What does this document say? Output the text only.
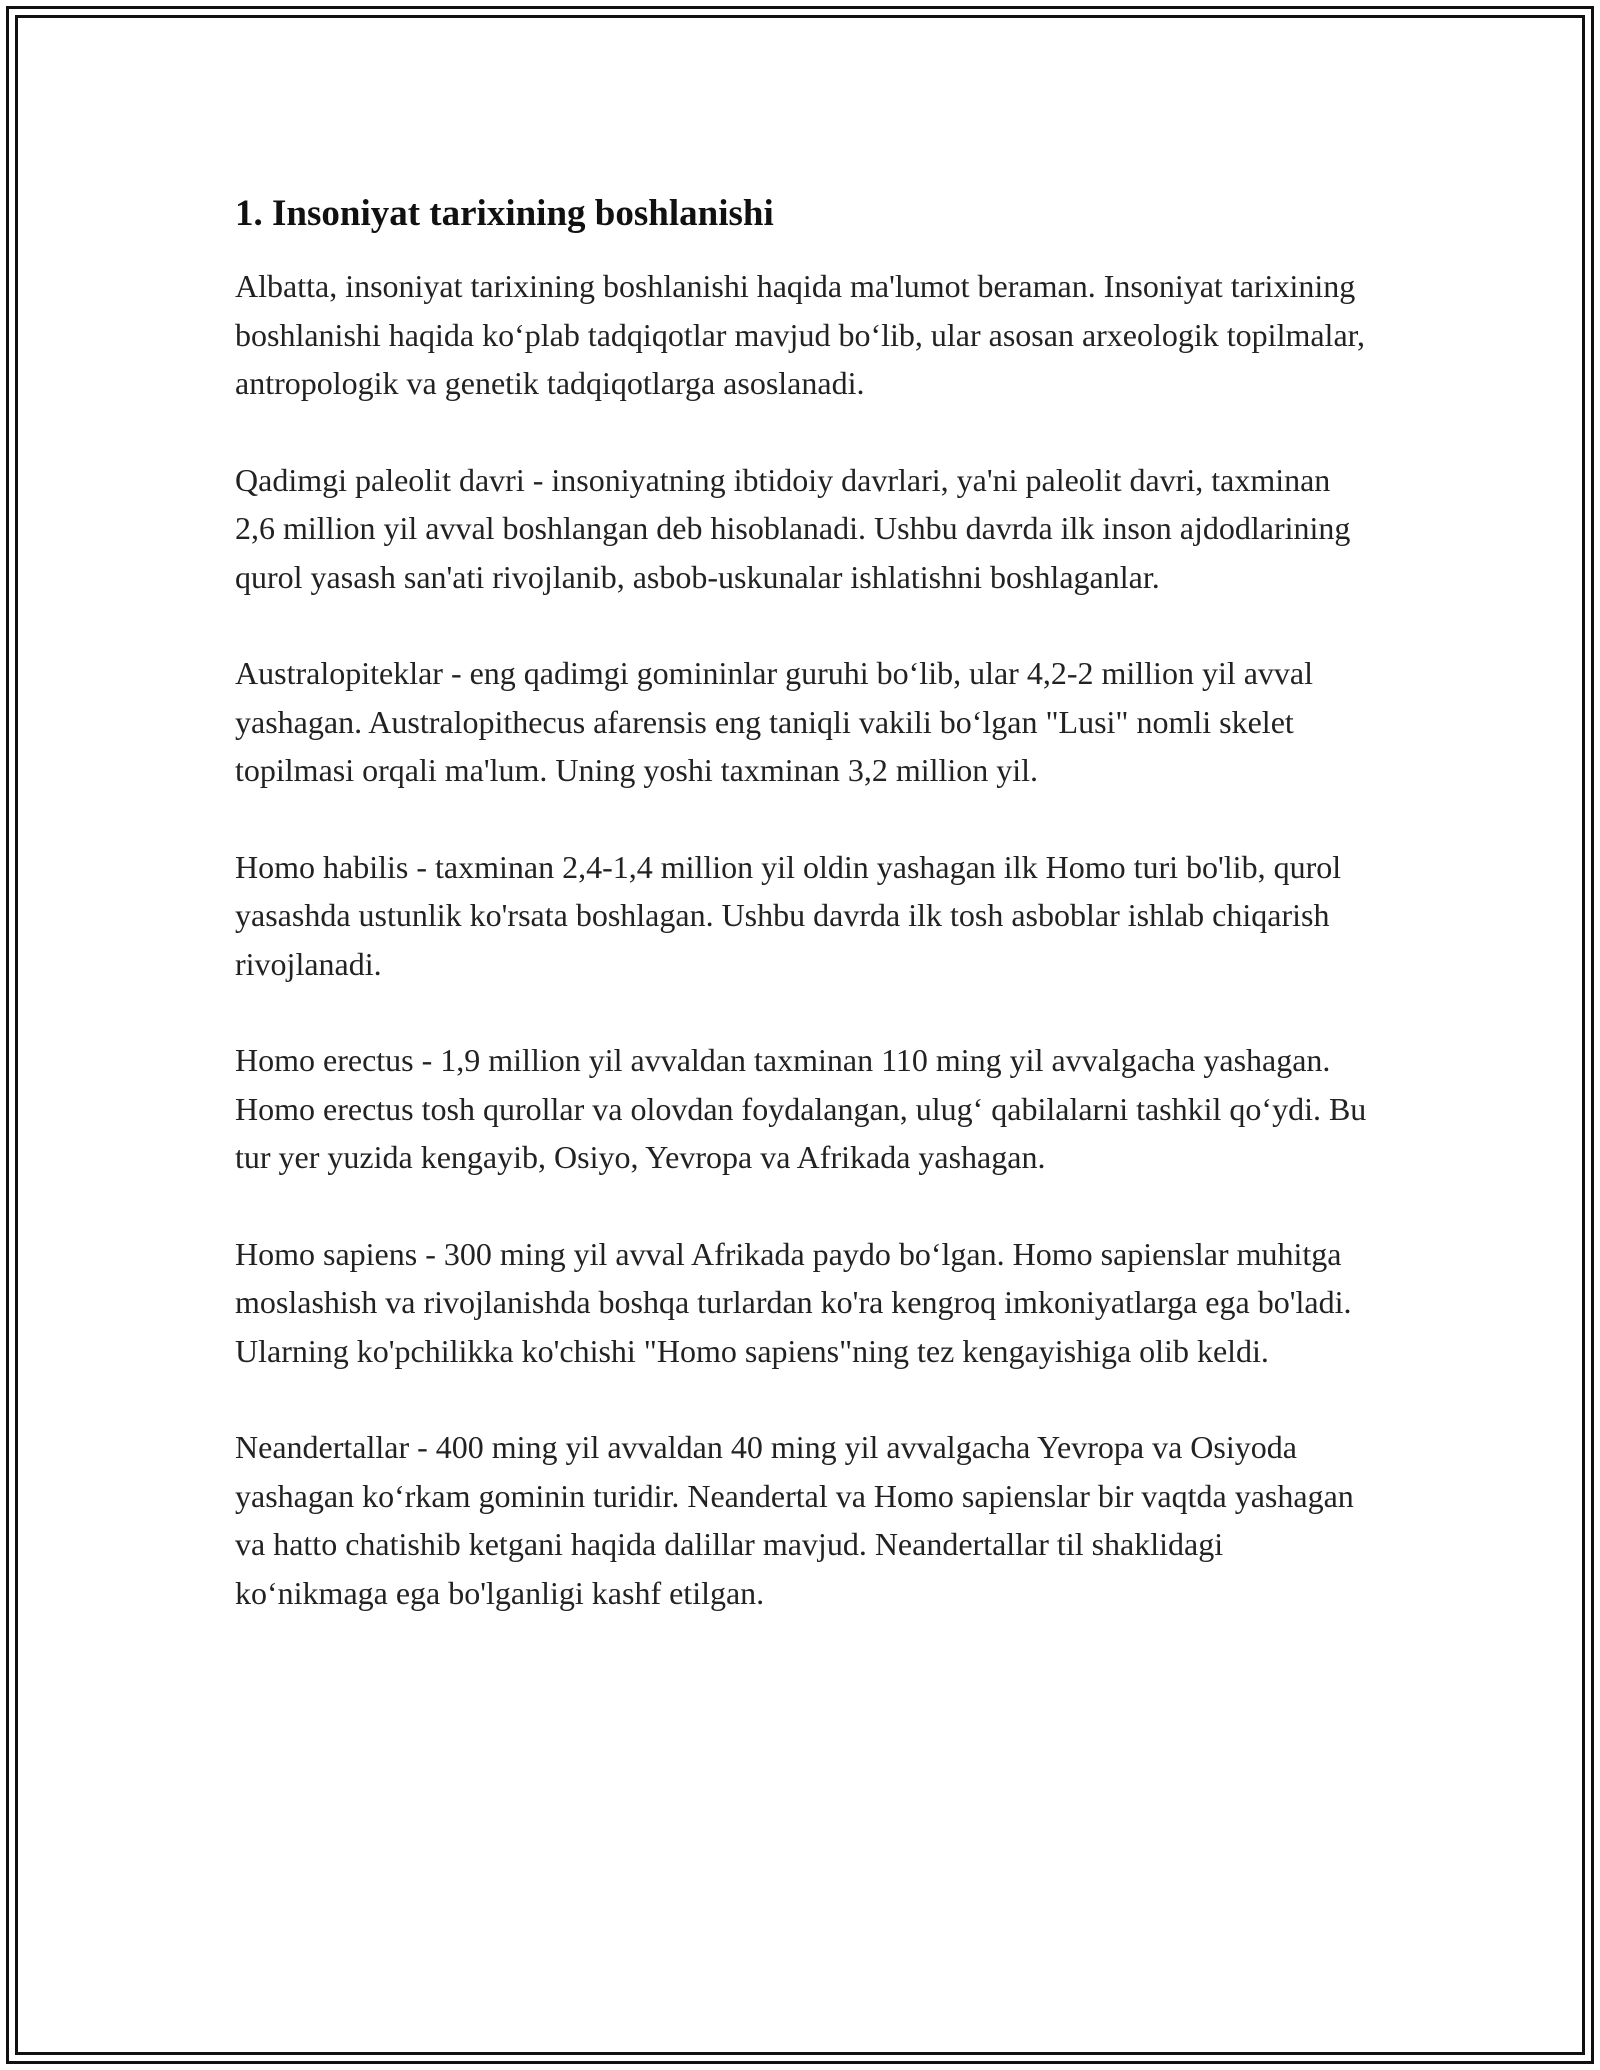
1. Insoniyat tarixining boshlanishi

Albatta, insoniyat tarixining boshlanishi haqida ma'lumot beraman. Insoniyat tarixining boshlanishi haqida ko‘plab tadqiqotlar mavjud bo‘lib, ular asosan arxeologik topilmalar, antropologik va genetik tadqiqotlarga asoslanadi.

Qadimgi paleolit davri - insoniyatning ibtidoiy davrlari, ya'ni paleolit davri, taxminan 2,6 million yil avval boshlangan deb hisoblanadi. Ushbu davrda ilk inson ajdodlarining qurol yasash san'ati rivojlanib, asbob-uskunalar ishlatishni boshlaganlar.

Australopiteklar - eng qadimgi gomininlar guruhi bo‘lib, ular 4,2-2 million yil avval yashagan. Australopithecus afarensis eng taniqli vakili bo‘lgan "Lusi" nomli skelet topilmasi orqali ma'lum. Uning yoshi taxminan 3,2 million yil.

Homo habilis - taxminan 2,4-1,4 million yil oldin yashagan ilk Homo turi bo'lib, qurol yasashda ustunlik ko'rsata boshlagan. Ushbu davrda ilk tosh asboblar ishlab chiqarish rivojlanadi.

Homo erectus - 1,9 million yil avvaldan taxminan 110 ming yil avvalgacha yashagan. Homo erectus tosh qurollar va olovdan foydalangan, ulug‘ qabilalarni tashkil qo‘ydi. Bu tur yer yuzida kengayib, Osiyo, Yevropa va Afrikada yashagan.

Homo sapiens - 300 ming yil avval Afrikada paydo bo‘lgan. Homo sapienslar muhitga moslashish va rivojlanishda boshqa turlardan ko'ra kengroq imkoniyatlarga ega bo'ladi. Ularning ko'pchilikka ko'chishi "Homo sapiens"ning tez kengayishiga olib keldi.

Neandertallar - 400 ming yil avvaldan 40 ming yil avvalgacha Yevropa va Osiyoda yashagan ko‘rkam gominin turidir. Neandertal va Homo sapienslar bir vaqtda yashagan va hatto chatishib ketgani haqida dalillar mavjud. Neandertallar til shaklidagi ko‘nikmaga ega bo'lganligi kashf etilgan.
